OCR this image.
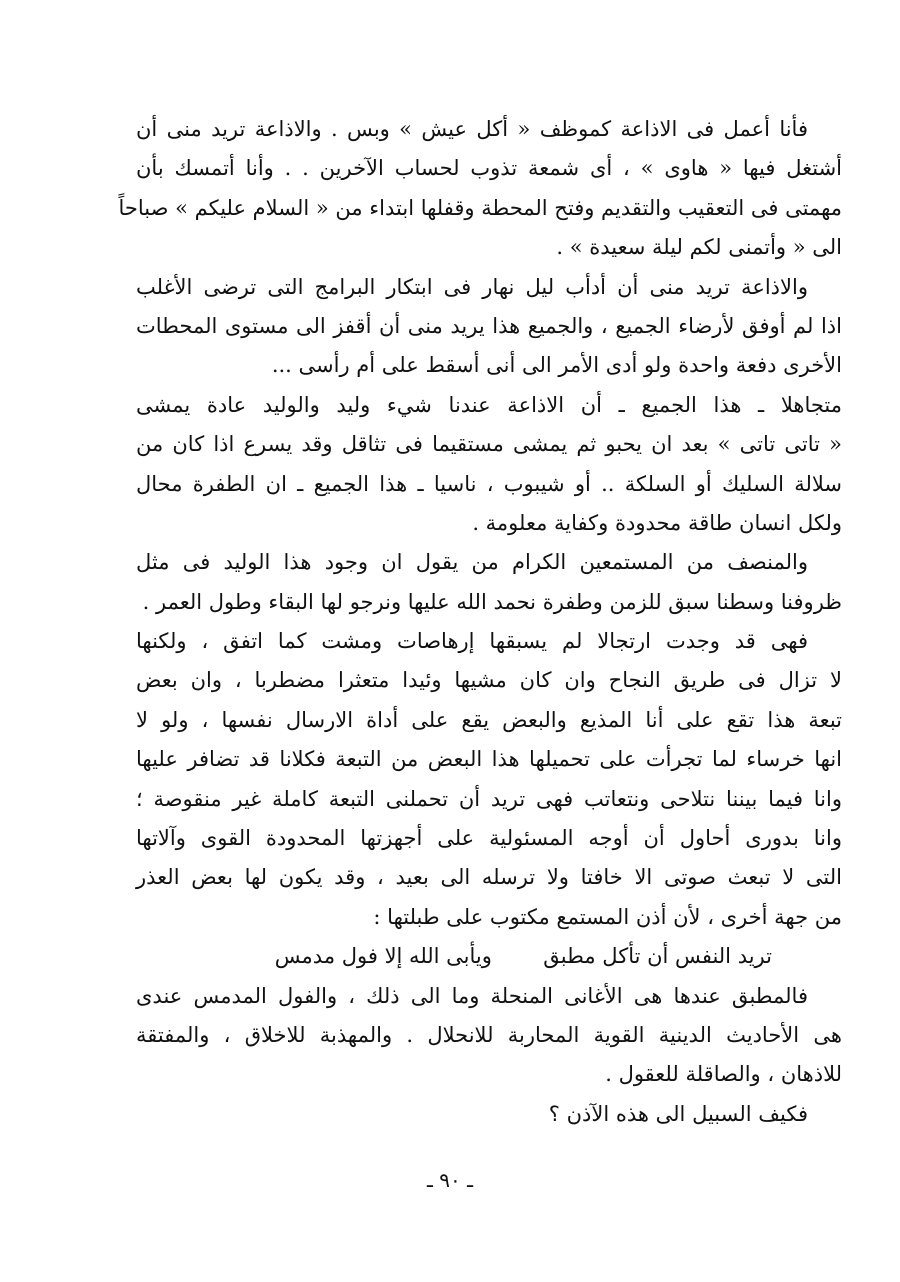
فأنا أعمل فى الاذاعة كموظف « أكل عيش » وبس . والاذاعة تريد منى أن
أشتغل فيها « هاوى » ، أى شمعة تذوب لحساب الآخرين . . وأنا أتمسك بأن
مهمتى فى التعقيب والتقديم وفتح المحطة وقفلها ابتداء من « السلام عليكم » صباحاً
الى « وأتمنى لكم ليلة سعيدة » .
والاذاعة تريد منى أن أدأب ليل نهار فى ابتكار البرامج التى ترضى الأغلب
اذا لم أوفق لأرضاء الجميع ، والجميع هذا يريد منى أن أقفز الى مستوى المحطات
الأخرى دفعة واحدة ولو أدى الأمر الى أنى أسقط على أم رأسى ...
متجاهلا ـ هذا الجميع ـ أن الاذاعة عندنا شيء وليد والوليد عادة يمشى
« تاتى تاتى » بعد ان يحبو ثم يمشى مستقيما فى تثاقل وقد يسرع اذا كان من
سلالة السليك أو السلكة .. أو شيبوب ، ناسيا ـ هذا الجميع ـ ان الطفرة محال
ولكل انسان طاقة محدودة وكفاية معلومة .
والمنصف من المستمعين الكرام من يقول ان وجود هذا الوليد فى مثل
ظروفنا وسطنا سبق للزمن وطفرة نحمد الله عليها ونرجو لها البقاء وطول العمر .
فهى قد وجدت ارتجالا لم يسبقها إرهاصات ومشت كما اتفق ، ولكنها
لا تزال فى طريق النجاح وان كان مشيها وئيدا متعثرا مضطربا ، وان بعض
تبعة هذا تقع على أنا المذيع والبعض يقع على أداة الارسال نفسها ، ولو لا
انها خرساء لما تجرأت على تحميلها هذا البعض من التبعة فكلانا قد تضافر عليها
وانا فيما بيننا نتلاحى ونتعاتب فهى تريد أن تحملنى التبعة كاملة غير منقوصة ؛
وانا بدورى أحاول أن أوجه المسئولية على أجهزتها المحدودة القوى وآلاتها
التى لا تبعث صوتى الا خافتا ولا ترسله الى بعيد ، وقد يكون لها بعض العذر
من جهة أخرى ، لأن أذن المستمع مكتوب على طبلتها :
تريد النفس أن تأكل مطبق  ويأبى الله إلا فول مدمس
فالمطبق عندها هى الأغانى المنحلة وما الى ذلك ، والفول المدمس عندى
هى الأحاديث الدينية القوية المحاربة للانحلال . والمهذبة للاخلاق ، والمفتقة
للاذهان ، والصاقلة للعقول .
فكيف السبيل الى هذه الآذن ؟
ـ ٩٠ ـ
